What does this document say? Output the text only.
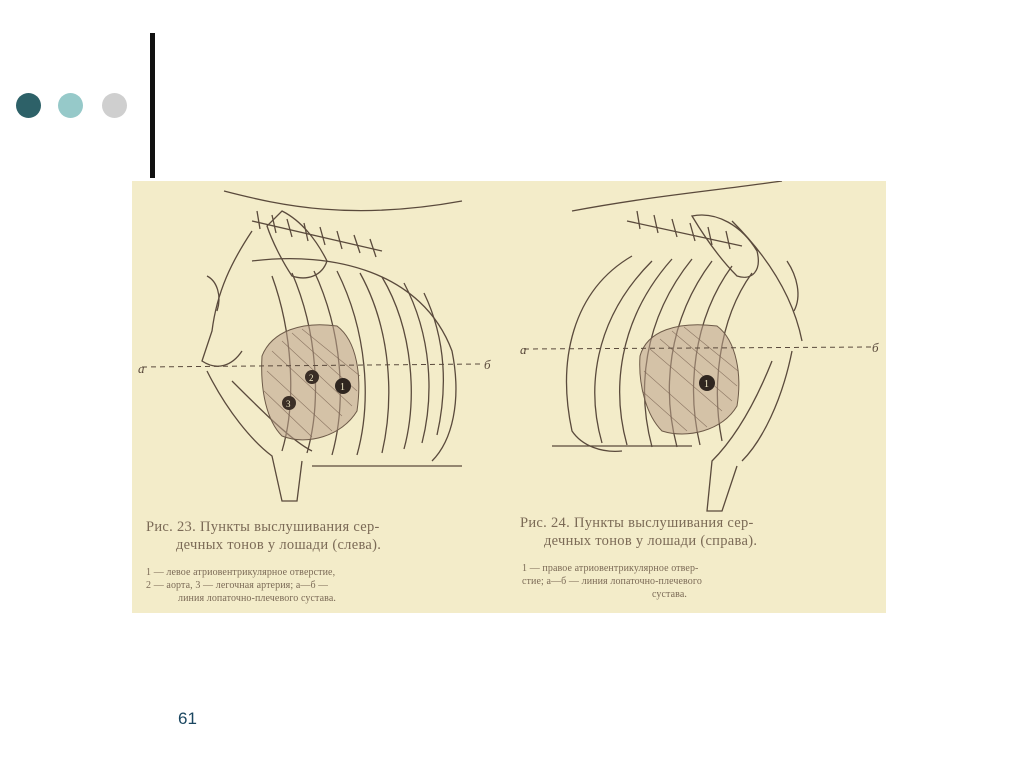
а	б
а	б
1
2
3
1
Рис. 23. Пункты выслушивания сер-
дечных тонов у лошади (слева).
1 — левое атриовентрикулярное отверстие,
2 — аорта, 3 — легочная артерия; а—б —
линия лопаточно-плечевого сустава.
Рис. 24. Пункты выслушивания сер-
дечных тонов у лошади (справа).
1 — правое атриовентрикулярное отвер-
стие; а—б — линия лопаточно-плечевого
сустава.
61
